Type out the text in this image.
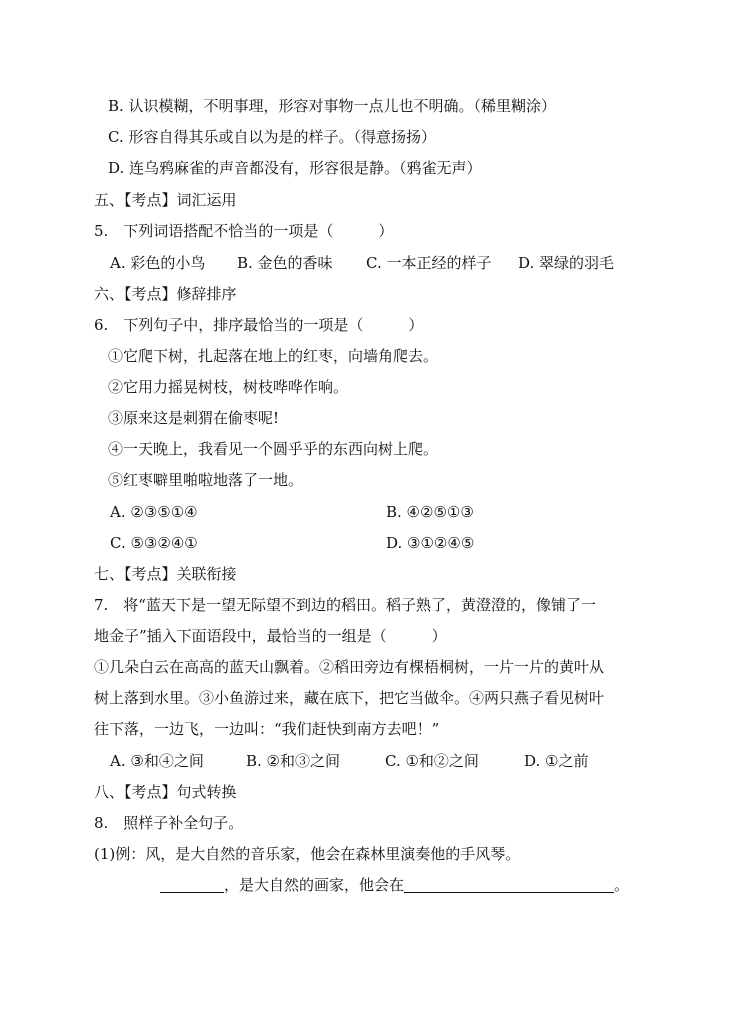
B. 认识模糊，不明事理，形容对事物一点儿也不明确。（稀里糊涂）
C. 形容自得其乐或自以为是的样子。（得意扬扬）
D. 连乌鸦麻雀的声音都没有，形容很是静。（鸦雀无声）
五、【考点】词汇运用
5.　下列词语搭配不恰当的一项是（　　　）
A. 彩色的小鸟 B. 金色的香味 C. 一本正经的样子 D. 翠绿的羽毛
六、【考点】修辞排序
6.　下列句子中，排序最恰当的一项是（　　　）
①它爬下树，扎起落在地上的红枣，向墙角爬去。
②它用力摇晃树枝，树枝哗哗作响。
③原来这是刺猬在偷枣呢!
④一天晚上，我看见一个圆乎乎的东西向树上爬。
⑤红枣噼里啪啦地落了一地。
A. ②③⑤①④	B. ④②⑤①③
C. ⑤③②④①	D. ③①②④⑤
七、【考点】关联衔接
7.　将“蓝天下是一望无际望不到边的稻田。稻子熟了，黄澄澄的，像铺了一
地金子”插入下面语段中，最恰当的一组是（　　　）
①几朵白云在高高的蓝天山飘着。②稻田旁边有棵梧桐树，一片一片的黄叶从
树上落到水里。③小鱼游过来，藏在底下，把它当做伞。④两只燕子看见树叶
往下落，一边飞，一边叫：“我们赶快到南方去吧！”
A. ③和④之间	B. ②和③之间	C. ①和②之间	D. ①之前
八、【考点】句式转换
8.　照样子补全句子。
(1)例：风，是大自然的音乐家，他会在森林里演奏他的手风琴。
，是大自然的画家，他会在	。
